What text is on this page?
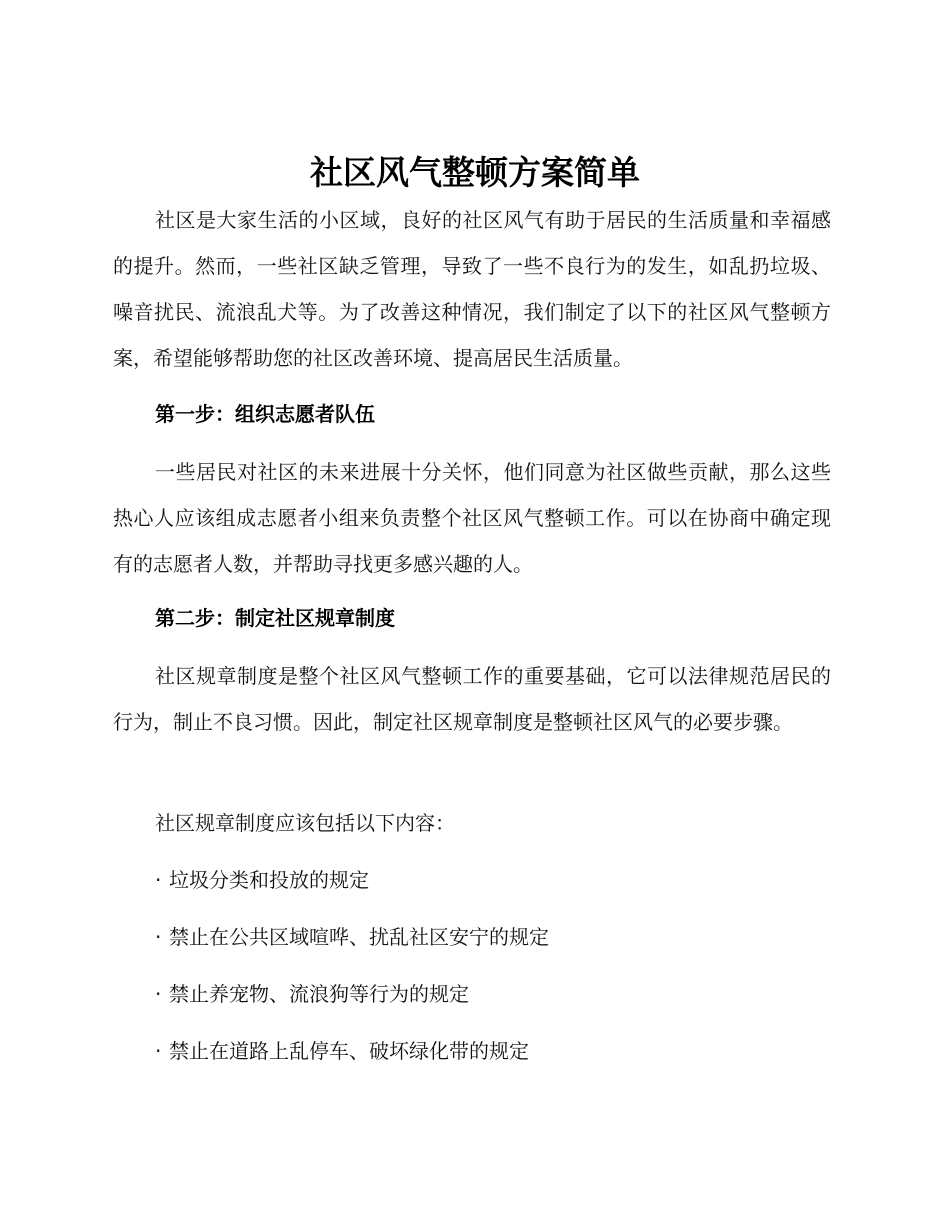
社区风气整顿方案简单

社区是大家生活的小区域，良好的社区风气有助于居民的生活质量和幸福感的提升。然而，一些社区缺乏管理，导致了一些不良行为的发生，如乱扔垃圾、噪音扰民、流浪乱犬等。为了改善这种情况，我们制定了以下的社区风气整顿方案，希望能够帮助您的社区改善环境、提高居民生活质量。

第一步：组织志愿者队伍

一些居民对社区的未来进展十分关怀，他们同意为社区做些贡献，那么这些热心人应该组成志愿者小组来负责整个社区风气整顿工作。可以在协商中确定现有的志愿者人数，并帮助寻找更多感兴趣的人。

第二步：制定社区规章制度

社区规章制度是整个社区风气整顿工作的重要基础，它可以法律规范居民的行为，制止不良习惯。因此，制定社区规章制度是整顿社区风气的必要步骤。

社区规章制度应该包括以下内容：

· 垃圾分类和投放的规定
· 禁止在公共区域喧哗、扰乱社区安宁的规定
· 禁止养宠物、流浪狗等行为的规定
· 禁止在道路上乱停车、破坏绿化带的规定
